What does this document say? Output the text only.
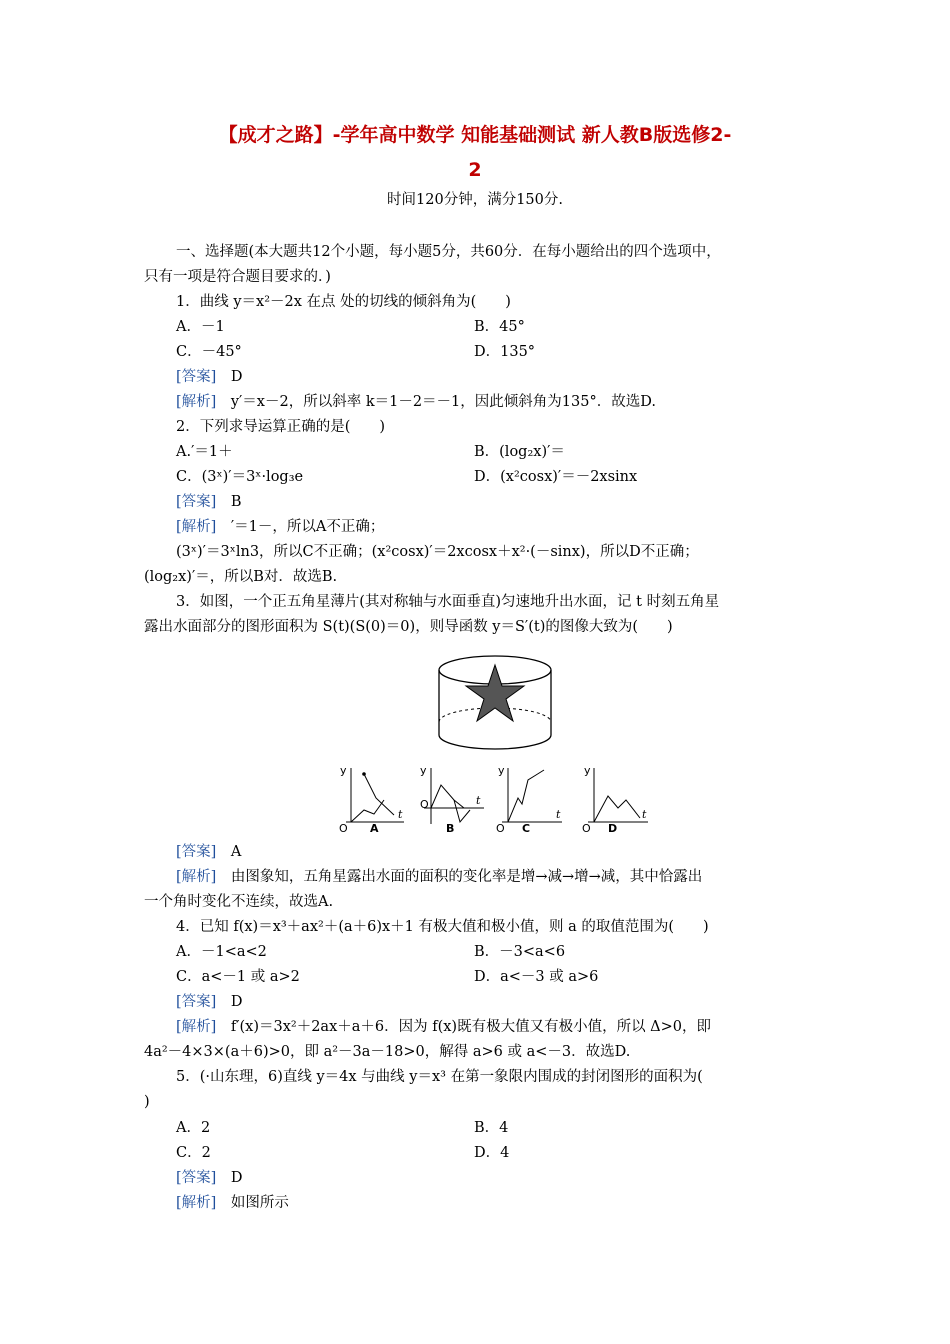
【成才之路】-学年高中数学 知能基础测试 新人教B版选修2-
2
时间120分钟，满分150分.
一、选择题(本大题共12个小题，每小题5分，共60分．在每小题给出的四个选项中，
只有一项是符合题目要求的．)
1．曲线 y＝x²－2x 在点 处的切线的倾斜角为(　　)
A．－1	B．45°
C．－45°	D．135°
[答案]　 D
[解析]　 y′＝x－2，所以斜率 k＝1－2＝－1，因此倾斜角为135°．故选D.
2．下列求导运算正确的是(　　)
A.′＝1＋	B．(log₂x)′＝
C．(3ˣ)′＝3ˣ·log₃e	D．(x²cosx)′＝－2xsinx
[答案]　 B
[解析]　 ′＝1－，所以A不正确；
(3ˣ)′＝3ˣln3，所以C不正确；(x²cosx)′＝2xcosx＋x²·(－sinx)，所以D不正确；
(log₂x)′＝，所以B对．故选B.
3．如图，一个正五角星薄片(其对称轴与水面垂直)匀速地升出水面，记 t 时刻五角星
露出水面部分的图形面积为 S(t)(S(0)＝0)，则导函数 y＝S′(t)的图像大致为(　　)
y
t
O A
y
t
O
B
y
t
O C
y
t
O D
[答案]　 A
[解析]　 由图象知，五角星露出水面的面积的变化率是增→减→增→减，其中恰露出
一个角时变化不连续，故选A.
4．已知 f(x)＝x³＋ax²＋(a＋6)x＋1 有极大值和极小值，则 a 的取值范围为(　　)
A．－1<a<2	B．－3<a<6
C．a<－1 或 a>2	D．a<－3 或 a>6
[答案]　 D
[解析]　 f′(x)＝3x²＋2ax＋a＋6．因为 f(x)既有极大值又有极小值，所以 Δ>0，即
4a²－4×3×(a＋6)>0，即 a²－3a－18>0，解得 a>6 或 a<－3．故选D.
5．(·山东理，6)直线 y＝4x 与曲线 y＝x³ 在第一象限内围成的封闭图形的面积为(
)
A．2	B．4
C．2	D．4
[答案]　 D
[解析]　 如图所示
